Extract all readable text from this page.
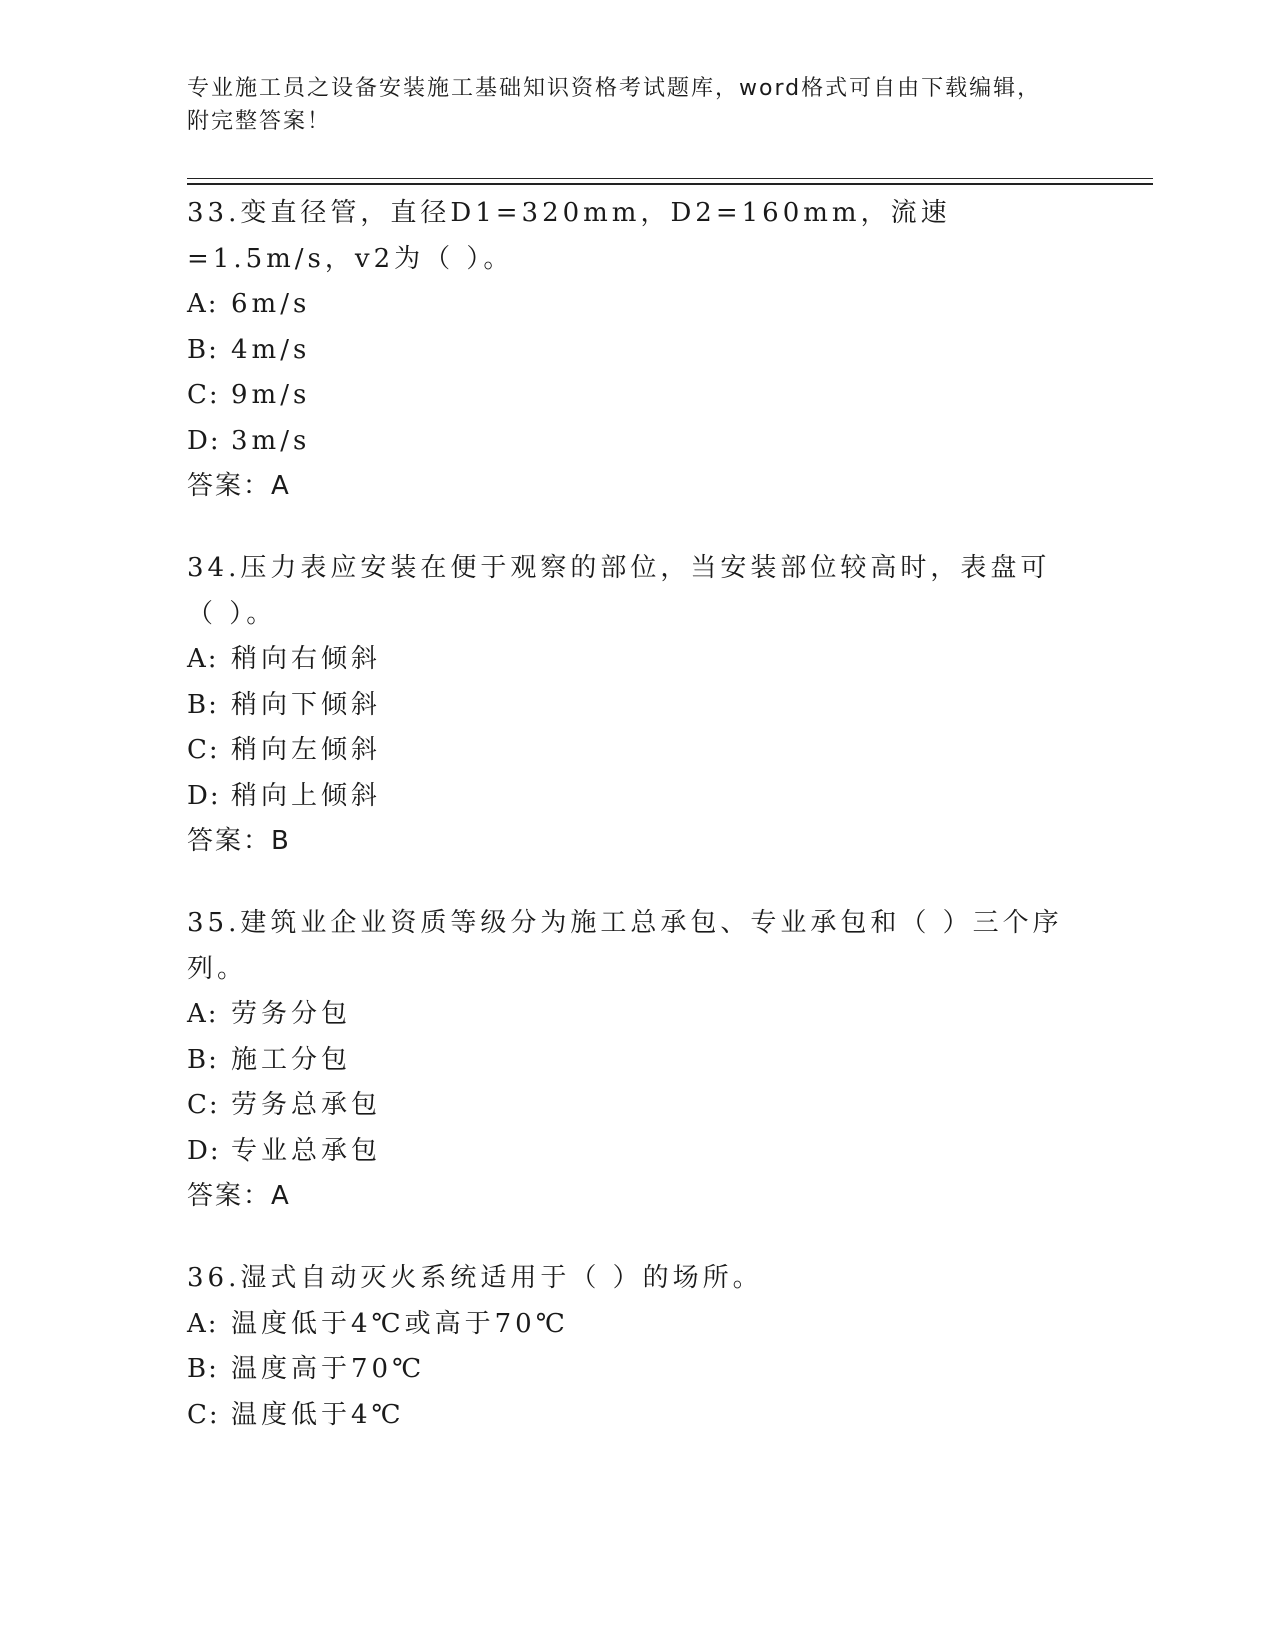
专业施工员之设备安装施工基础知识资格考试题库，word格式可自由下载编辑，
附完整答案！

33.变直径管，直径D1=320mm，D2=160mm，流速=1.5m/s，v2为（ ）。

A: 6m/s

B: 4m/s

C: 9m/s

D: 3m/s

答案：A

34.压力表应安装在便于观察的部位，当安装部位较高时，表盘可（ ）。

A: 稍向右倾斜

B: 稍向下倾斜

C: 稍向左倾斜

D: 稍向上倾斜

答案：B

35.建筑业企业资质等级分为施工总承包、专业承包和（ ）三个序列。

A: 劳务分包

B: 施工分包

C: 劳务总承包

D: 专业总承包

答案：A

36.湿式自动灭火系统适用于（ ）的场所。

A: 温度低于4℃或高于70℃

B: 温度高于70℃

C: 温度低于4℃
